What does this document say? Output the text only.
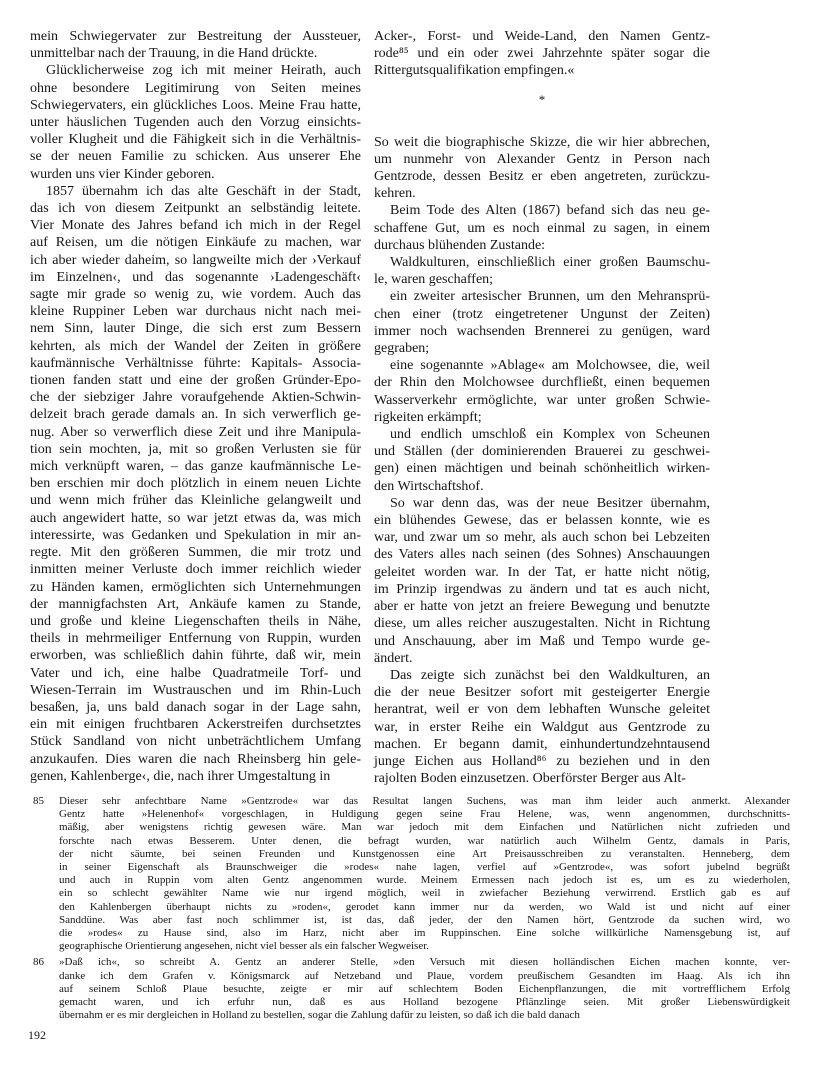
mein Schwiegervater zur Bestreitung der Aussteuer,
unmittelbar nach der Trauung, in die Hand drückte.
Glücklicherweise zog ich mit meiner Heirath, auch
ohne besondere Legitimirung von Seiten meines
Schwiegervaters, ein glückliches Loos. Meine Frau hatte,
unter häuslichen Tugenden auch den Vorzug einsichts-
voller Klugheit und die Fähigkeit sich in die Verhältnis-
se der neuen Familie zu schicken. Aus unserer Ehe
wurden uns vier Kinder geboren.
1857 übernahm ich das alte Geschäft in der Stadt,
das ich von diesem Zeitpunkt an selbständig leitete.
Vier Monate des Jahres befand ich mich in der Regel
auf Reisen, um die nötigen Einkäufe zu machen, war
ich aber wieder daheim, so langweilte mich der ›Verkauf
im Einzelnen‹, und das sogenannte ›Ladengeschäft‹
sagte mir grade so wenig zu, wie vordem. Auch das
kleine Ruppiner Leben war durchaus nicht nach mei-
nem Sinn, lauter Dinge, die sich erst zum Bessern
kehrten, als mich der Wandel der Zeiten in größere
kaufmännische Verhältnisse führte: Kapitals- Associa-
tionen fanden statt und eine der großen Gründer-Epo-
che der siebziger Jahre voraufgehende Aktien-Schwin-
delzeit brach gerade damals an. In sich verwerflich ge-
nug. Aber so verwerflich diese Zeit und ihre Manipula-
tion sein mochten, ja, mit so großen Verlusten sie für
mich verknüpft waren, – das ganze kaufmännische Le-
ben erschien mir doch plötzlich in einem neuen Lichte
und wenn mich früher das Kleinliche gelangweilt und
auch angewidert hatte, so war jetzt etwas da, was mich
interessirte, was Gedanken und Spekulation in mir an-
regte. Mit den größeren Summen, die mir trotz und
inmitten meiner Verluste doch immer reichlich wieder
zu Händen kamen, ermöglichten sich Unternehmungen
der mannigfachsten Art, Ankäufe kamen zu Stande,
und große und kleine Liegenschaften theils in Nähe,
theils in mehrmeiliger Entfernung von Ruppin, wurden
erworben, was schließlich dahin führte, daß wir, mein
Vater und ich, eine halbe Quadratmeile Torf- und
Wiesen-Terrain im Wustrauschen und im Rhin-Luch
besaßen, ja, uns bald danach sogar in der Lage sahn,
ein mit einigen fruchtbaren Ackerstreifen durchsetztes
Stück Sandland von nicht unbeträchtlichem Umfang
anzukaufen. Dies waren die nach Rheinsberg hin gele-
genen, Kahlenberge‹, die, nach ihrer Umgestaltung in
Acker-, Forst- und Weide-Land, den Namen Gentz-
rode⁸⁵ und ein oder zwei Jahrzehnte später sogar die
Rittergutsqualifikation empfingen.«
*
So weit die biographische Skizze, die wir hier abbrechen,
um nunmehr von Alexander Gentz in Person nach
Gentzrode, dessen Besitz er eben angetreten, zurückzu-
kehren.
Beim Tode des Alten (1867) befand sich das neu ge-
schaffene Gut, um es noch einmal zu sagen, in einem
durchaus blühenden Zustande:
Waldkulturen, einschließlich einer großen Baumschu-
le, waren geschaffen;
ein zweiter artesischer Brunnen, um den Mehransprü-
chen einer (trotz eingetretener Ungunst der Zeiten)
immer noch wachsenden Brennerei zu genügen, ward
gegraben;
eine sogenannte »Ablage« am Molchowsee, die, weil
der Rhin den Molchowsee durchfließt, einen bequemen
Wasserverkehr ermöglichte, war unter großen Schwie-
rigkeiten erkämpft;
und endlich umschloß ein Komplex von Scheunen
und Ställen (der dominierenden Brauerei zu geschwei-
gen) einen mächtigen und beinah schönheitlich wirken-
den Wirtschaftshof.
So war denn das, was der neue Besitzer übernahm,
ein blühendes Gewese, das er belassen konnte, wie es
war, und zwar um so mehr, als auch schon bei Lebzeiten
des Vaters alles nach seinen (des Sohnes) Anschauungen
geleitet worden war. In der Tat, er hatte nicht nötig,
im Prinzip irgendwas zu ändern und tat es auch nicht,
aber er hatte von jetzt an freiere Bewegung und benutzte
diese, um alles reicher auszugestalten. Nicht in Richtung
und Anschauung, aber im Maß und Tempo wurde ge-
ändert.
Das zeigte sich zunächst bei den Waldkulturen, an
die der neue Besitzer sofort mit gesteigerter Energie
herantrat, weil er von dem lebhaften Wunsche geleitet
war, in erster Reihe ein Waldgut aus Gentzrode zu
machen. Er begann damit, einhundertundzehntausend
junge Eichen aus Holland⁸⁶ zu beziehen und in den
rajolten Boden einzusetzen. Oberförster Berger aus Alt-
85	Dieser sehr anfechtbare Name »Gentzrode« war das Resultat langen Suchens, was man ihm leider auch anmerkt. Alexander
Gentz hatte »Helenenhof« vorgeschlagen, in Huldigung gegen seine Frau Helene, was, wenn angenommen, durchschnitts-
mäßig, aber wenigstens richtig gewesen wäre. Man war jedoch mit dem Einfachen und Natürlichen nicht zufrieden und
forschte nach etwas Besserem. Unter denen, die befragt wurden, war natürlich auch Wilhelm Gentz, damals in Paris,
der nicht säumte, bei seinen Freunden und Kunstgenossen eine Art Preisausschreiben zu veranstalten. Henneberg, dem
in seiner Eigenschaft als Braunschweiger die »rodes« nahe lagen, verfiel auf »Gentzrode«, was sofort jubelnd begrüßt
und auch in Ruppin vom alten Gentz angenommen wurde. Meinem Ermessen nach jedoch ist es, um es zu wiederholen,
ein so schlecht gewählter Name wie nur irgend möglich, weil in zwiefacher Beziehung verwirrend. Erstlich gab es auf
den Kahlenbergen überhaupt nichts zu »roden«, gerodet kann immer nur da werden, wo Wald ist und nicht auf einer
Sanddüne. Was aber fast noch schlimmer ist, ist das, daß jeder, der den Namen hört, Gentzrode da suchen wird, wo
die »rodes« zu Hause sind, also im Harz, nicht aber im Ruppinschen. Eine solche willkürliche Namensgebung ist, auf
geographische Orientierung angesehen, nicht viel besser als ein falscher Wegweiser.
86	»Daß ich«, so schreibt A. Gentz an anderer Stelle, »den Versuch mit diesen holländischen Eichen machen konnte, ver-
danke ich dem Grafen v. Königsmarck auf Netzeband und Plaue, vordem preußischem Gesandten im Haag. Als ich ihn
auf seinem Schloß Plaue besuchte, zeigte er mir auf schlechtem Boden Eichenpflanzungen, die mit vortrefflichem Erfolg
gemacht waren, und ich erfuhr nun, daß es aus Holland bezogene Pflänzlinge seien. Mit großer Liebenswürdigkeit
übernahm er es mir dergleichen in Holland zu bestellen, sogar die Zahlung dafür zu leisten, so daß ich die bald danach
192
